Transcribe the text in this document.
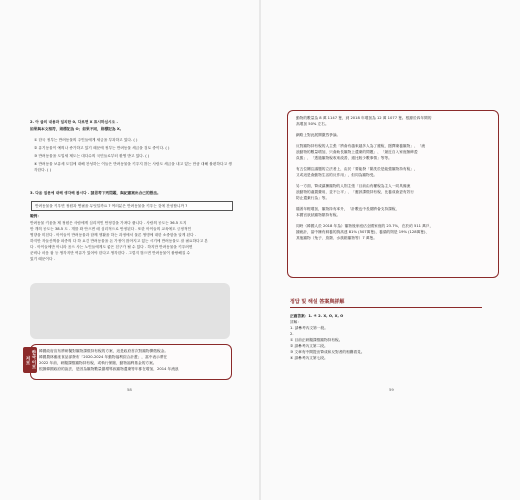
2. 아 글의 내용과 일치한 0, 다르면 X 표시하십시오 .
如果與本文相符，則標記為 O；如果不同，則標記為 X。
① 한국 정부는 반려동물의 주인들에게 세금을 부과하고 있다. ( )
② 유기동물이 예의나 증가하고 있기 때문에 정부는 반려동물 세금을 검토 중이다. ( )
③ 반려동물을 도입세 제도는 대다수의 국민들로부터 환영 받고 있다. ( )
④ 반려동물 보유세 도입에 대해 찬성하는 이들은 반려동물을 키우지 않는 사람도 세금을 내고 있는 만큼 대해 불편하다고 생각한다. ( )
3. 다음 질문에 대해 생각해 봅시다 . 請思考下列問題，與紀憲案出合己的想法。
반려동물을 키우면 정원과 연필을 무엇일까요 ? 여러분은 반려동물을 키우는 것에 찬성합니까 ?
範例：
반려동물 키움을 제 정원은 사람에게 심리적인 안정감을 가져다 줍니다 . 사람의 공도는 36.5 도지
만 개의 공도는 38.5 도 . 개를 꽉 안으면 매 심리적으로 안정된다 . 또한 아이들의 교육에도 긍정적인
영향을 미친다 . 아이들이 반려동물과 함께 생활을 하는 과정에서 물론 생명에 대한 소중함을 알게 된다 .
하지만 자들산책을 파종의 다 하 요긴 반려동물을 돈 가정이 많아지고 있는 시기에 반려동물도 잘 필요하다고 본
다 . 아이들에만 아니라 음으 사는 노인들에게도 좋은 친구가 될 수 있다 . 하지만 반려동물을 키우려면
준비나 마음 잡 등 생각지만 여유가 있어야 한다고 생각한다 . 그렇지 않으면 반려동물이 불쌍해질 수
있기 때문이다 .
한국 이모저모
韓國政府宣布將研擬對寵物課徵持有稅的方案，這是政府首次對寵物開徵稅金。
韓國農林畜產食品部發布「2020-2024 年動物福利綜合計畫」，當中表示將在
2022 年前，研擬課徵寵物持有稅，或執行保險，動物福利基金的方案。
根據韓國政府的說法，是因為寵物數量激增導致寵物遺棄等年都在增加，2014 年流浪
58
動物的數量為 8 萬 1147 隻，到 2018 年增加為 12 萬 1077 隻。根據於四年間的
高增加 50% 左右。
網路上對此展開激烈爭論。
反對寵物持有稅的人主張「將會有越來越多人為了避稅，擅擇棄養寵物」、「流
浪動物的數量增加，只會助長寵物上遺棄的問題」、「最近自入家庭無餘盈
負擔」、「透過寵物稅收來改善，還比較少數事情」等等。
有五位關注議題的立法者上，由於「要能發「繁洗於是能強寵物持有稅」，
又或這是會動物生活的反作用」，但同為寵物受。
另一方面，贊成讓擁寵物的人則主張「目前由有權稅為主人一同具備流
浪動物的處置費用，並不公平」、「應該課徵持有稅，比養成會更有效行
防止遺棄行為」等。
隨著年輕增加，寵物持有率升，「計數也中長期將會支持課稅，
本國官狀狀寵物類持有稅。
同時（韓國人於 2018 年為）寵物後家庭佔全國家庭的 23.7%，在於約 511 萬戶，
據統計，當中擁有飼養的狗高達 81% (507萬隻)，養貓的則是 19% (128萬隻)、
其他寵物（兔子、鳥類、水族箱寵物等）7 萬隻。
정답 및 해설 答案與詳解
正確答案：1. ④ 2. X, O, X, O
詳解：
1. 請參考內文第一段。
2.
① 目前正研擬課徵寵物持有稅。
② 請參考內文第二段。
③ 文章有中間提出贊成和反對者的相關看見。
④ 請參考內文第七段。
59
